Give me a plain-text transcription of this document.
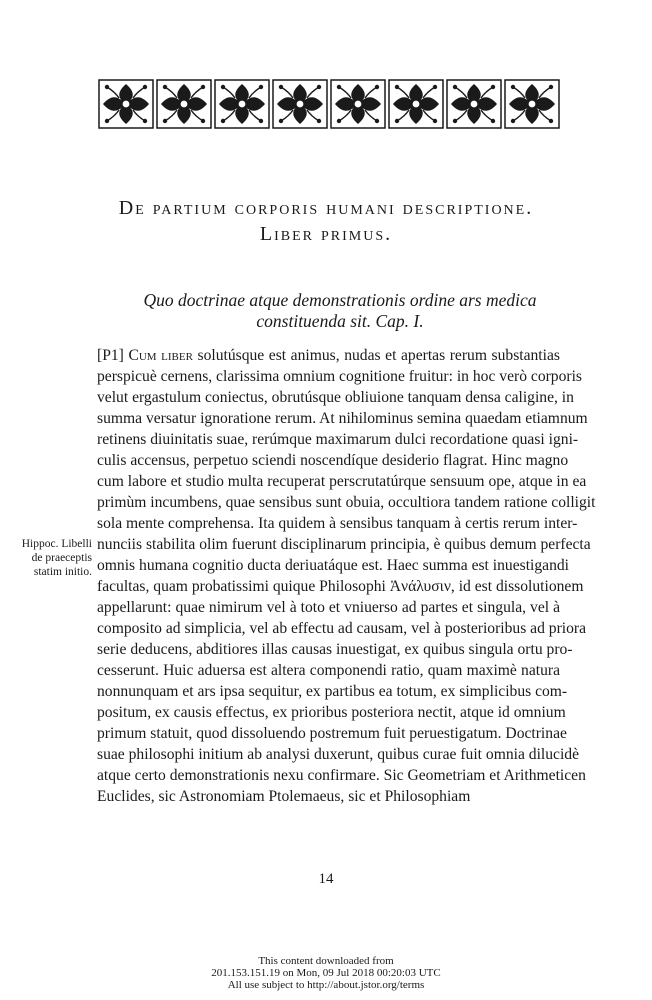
De partium corporis humani descriptione.
Liber primus.
Quo doctrinae atque demonstrationis ordine ars medica
constituenda sit. Cap. I.
[P1] Cum liber solutúsque est animus, nudas et apertas rerum substantias
perspicuè cernens, clarissima omnium cognitione fruitur: in hoc verò corporis
velut ergastulum coniectus, obrutúsque obliuione tanquam densa caligine, in
summa versatur ignoratione rerum. At nihilominus semina quaedam etiamnum
retinens diuinitatis suae, rerúmque maximarum dulci recordatione quasi igni-
culis accensus, perpetuo sciendi noscendíque desiderio flagrat. Hinc magno
cum labore et studio multa recuperat perscrutatúrque sensuum ope, atque in ea
primùm incumbens, quae sensibus sunt obuia, occultiora tandem ratione colligit
sola mente comprehensa. Ita quidem à sensibus tanquam à certis rerum inter-
nunciis stabilita olim fuerunt disciplinarum principia, è quibus demum perfecta
omnis humana cognitio ducta deriuatáque est. Haec summa est inuestigandi
facultas, quam probatissimi quique Philosophi Ἀνάλυσιν, id est dissolutionem
appellarunt: quae nimirum vel à toto et vniuerso ad partes et singula, vel à
composito ad simplicia, vel ab effectu ad causam, vel à posterioribus ad priora
serie deducens, abditiores illas causas inuestigat, ex quibus singula ortu pro-
cesserunt. Huic aduersa est altera componendi ratio, quam maximè natura
nonnunquam et ars ipsa sequitur, ex partibus ea totum, ex simplicibus com-
positum, ex causis effectus, ex prioribus posteriora nectit, atque id omnium
primum statuit, quod dissoluendo postremum fuit peruestigatum. Doctrinae
suae philosophi initium ab analysi duxerunt, quibus curae fuit omnia dilucidè
atque certo demonstrationis nexu confirmare. Sic Geometriam et Arithmeticen
Euclides, sic Astronomiam Ptolemaeus, sic et Philosophiam
Hippoc. Libelli
de praeceptis
statim initio.
14
This content downloaded from
201.153.151.19 on Mon, 09 Jul 2018 00:20:03 UTC
All use subject to http://about.jstor.org/terms
